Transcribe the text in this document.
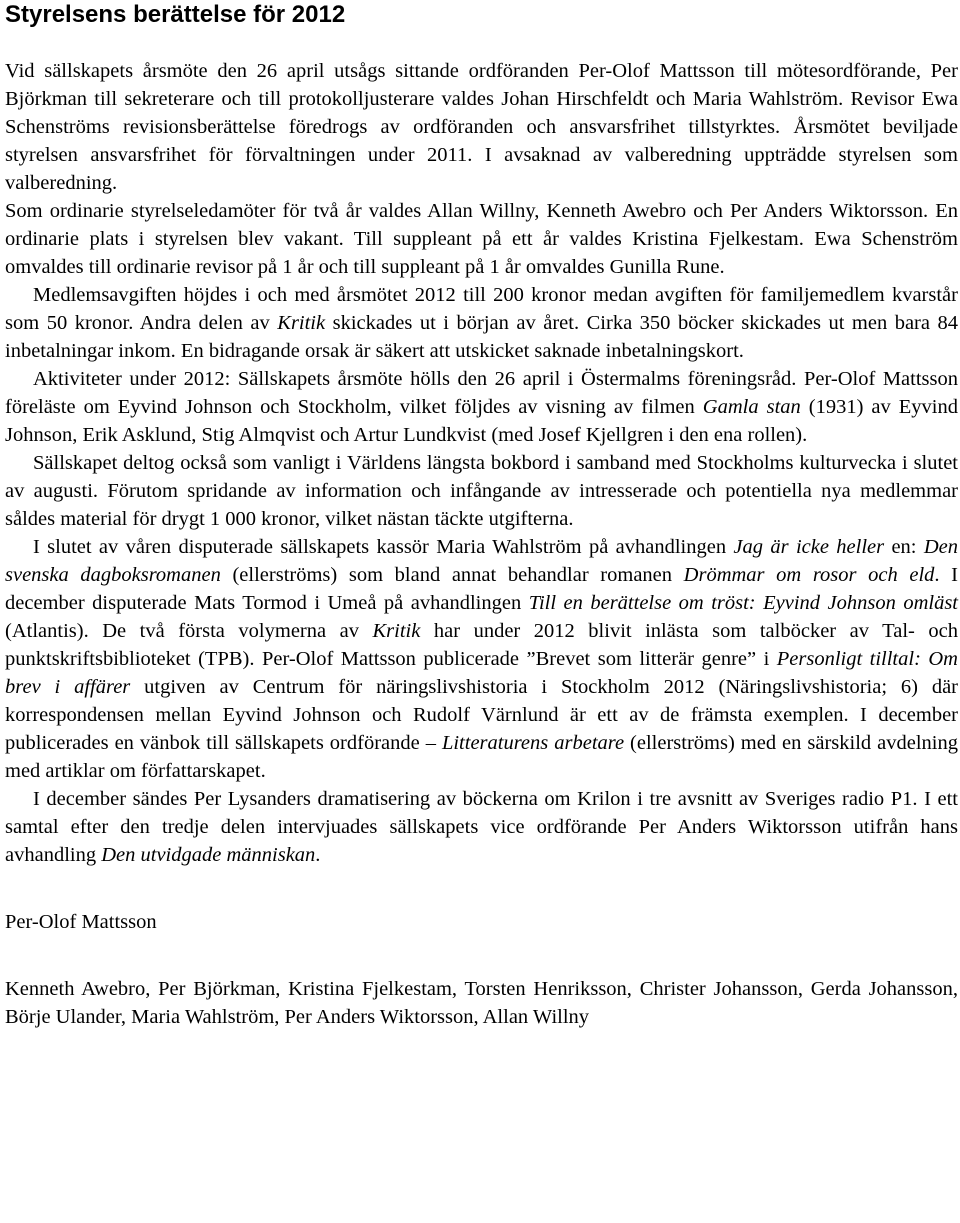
Styrelsens berättelse för 2012

Vid sällskapets årsmöte den 26 april utsågs sittande ordföranden Per-Olof Mattsson till mötesordförande, Per Björkman till sekreterare och till protokolljusterare valdes Johan Hirschfeldt och Maria Wahlström. Revisor Ewa Schenströms revisionsberättelse föredrogs av ordföranden och ansvarsfrihet tillstyrktes. Årsmötet beviljade styrelsen ansvarsfrihet för förvaltningen under 2011. I avsaknad av valberedning uppträdde styrelsen som valberedning.

Som ordinarie styrelseledamöter för två år valdes Allan Willny, Kenneth Awebro och Per Anders Wiktorsson. En ordinarie plats i styrelsen blev vakant. Till suppleant på ett år valdes Kristina Fjelkestam. Ewa Schenström omvaldes till ordinarie revisor på 1 år och till suppleant på 1 år omvaldes Gunilla Rune.

Medlemsavgiften höjdes i och med årsmötet 2012 till 200 kronor medan avgiften för familjemedlem kvarstår som 50 kronor. Andra delen av Kritik skickades ut i början av året. Cirka 350 böcker skickades ut men bara 84 inbetalningar inkom. En bidragande orsak är säkert att utskicket saknade inbetalningskort.

Aktiviteter under 2012: Sällskapets årsmöte hölls den 26 april i Östermalms föreningsråd. Per-Olof Mattsson föreläste om Eyvind Johnson och Stockholm, vilket följdes av visning av filmen Gamla stan (1931) av Eyvind Johnson, Erik Asklund, Stig Almqvist och Artur Lundkvist (med Josef Kjellgren i den ena rollen).

Sällskapet deltog också som vanligt i Världens längsta bokbord i samband med Stockholms kulturvecka i slutet av augusti. Förutom spridande av information och infångande av intresserade och potentiella nya medlemmar såldes material för drygt 1 000 kronor, vilket nästan täckte utgifterna.

I slutet av våren disputerade sällskapets kassör Maria Wahlström på avhandlingen Jag är icke heller en: Den svenska dagboksromanen (ellerströms) som bland annat behandlar romanen Drömmar om rosor och eld. I december disputerade Mats Tormod i Umeå på avhandlingen Till en berättelse om tröst: Eyvind Johnson omläst (Atlantis). De två första volymerna av Kritik har under 2012 blivit inlästa som talböcker av Tal- och punktskriftsbiblioteket (TPB). Per-Olof Mattsson publicerade ”Brevet som litterär genre” i Personligt tilltal: Om brev i affärer utgiven av Centrum för näringslivshistoria i Stockholm 2012 (Näringslivshistoria; 6) där korrespondensen mellan Eyvind Johnson och Rudolf Värnlund är ett av de främsta exemplen. I december publicerades en vänbok till sällskapets ordförande – Litteraturens arbetare (ellerströms) med en särskild avdelning med artiklar om författarskapet.

I december sändes Per Lysanders dramatisering av böckerna om Krilon i tre avsnitt av Sveriges radio P1. I ett samtal efter den tredje delen intervjuades sällskapets vice ordförande Per Anders Wiktorsson utifrån hans avhandling Den utvidgade människan.

Per-Olof Mattsson

Kenneth Awebro, Per Björkman, Kristina Fjelkestam, Torsten Henriksson, Christer Johansson, Gerda Johansson, Börje Ulander, Maria Wahlström, Per Anders Wiktorsson, Allan Willny
